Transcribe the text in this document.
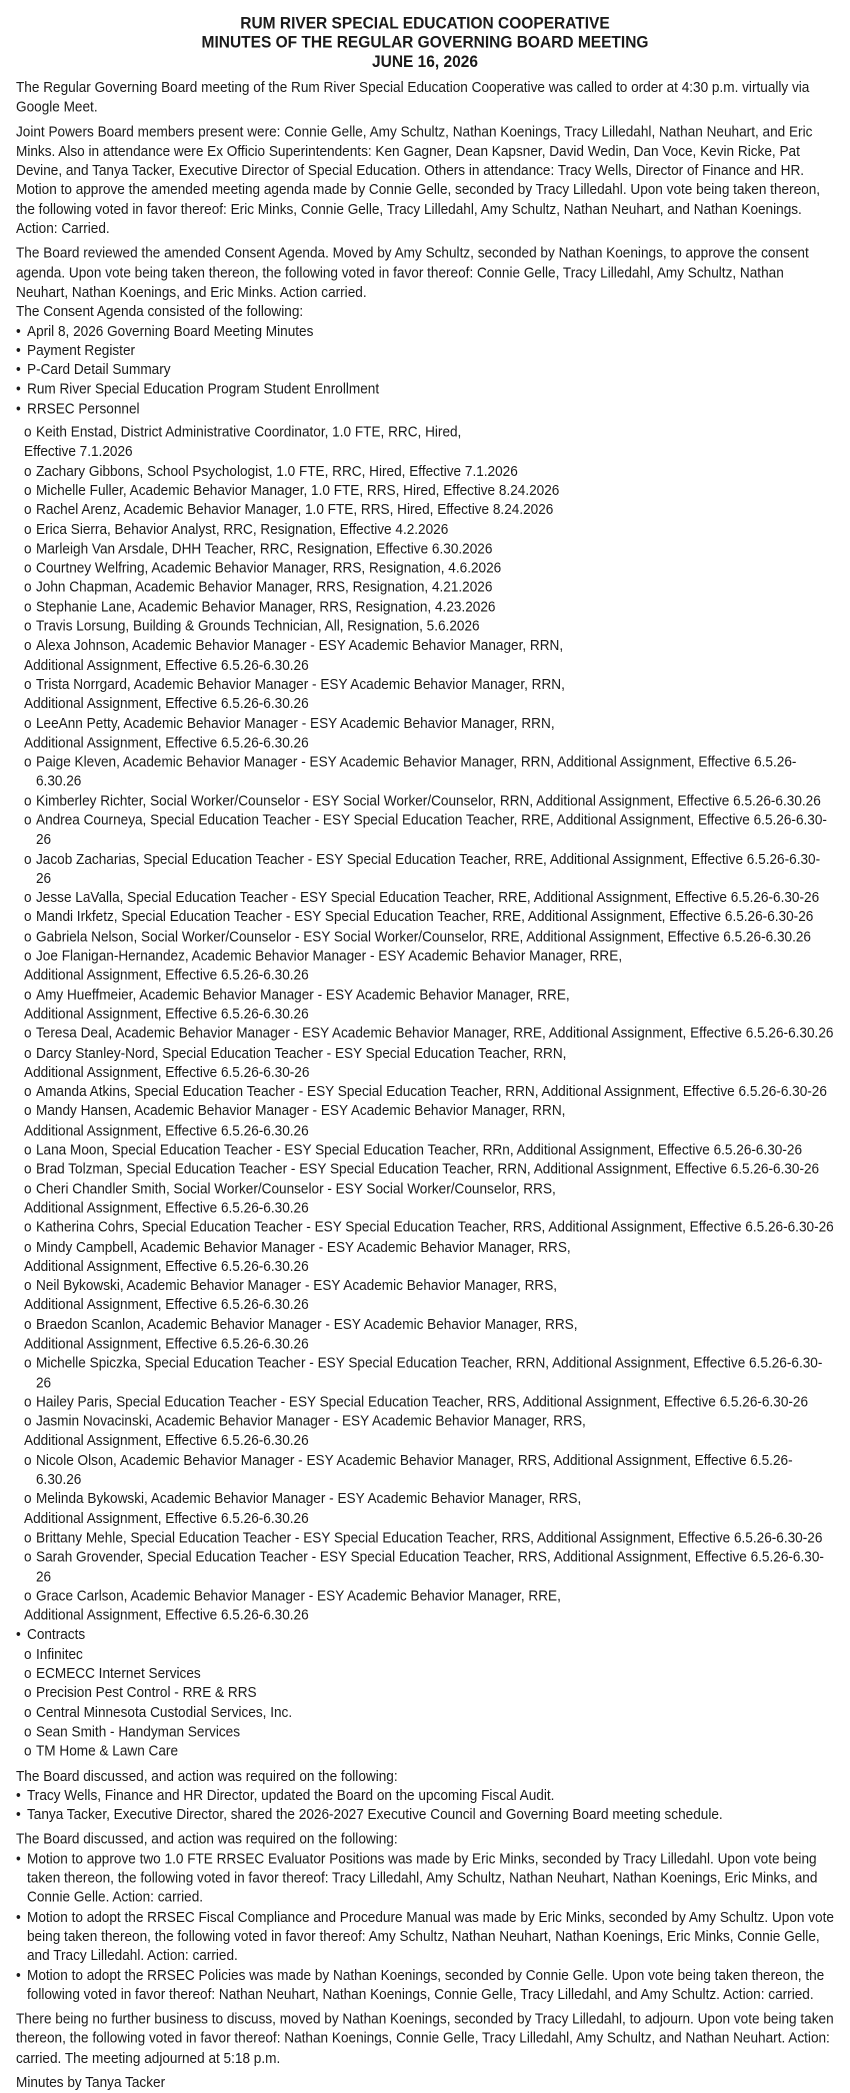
RUM RIVER SPECIAL EDUCATION COOPERATIVE

MINUTES OF THE REGULAR GOVERNING BOARD MEETING

JUNE 16, 2026

The Regular Governing Board meeting of the Rum River Special Education Cooperative was called to order at 4:30 p.m. virtually via Google Meet.

Joint Powers Board members present were: Connie Gelle, Amy Schultz, Nathan Koenings, Tracy Lilledahl, Nathan Neuhart, and Eric Minks. Also in attendance were Ex Officio Superintendents: Ken Gagner, Dean Kapsner, David Wedin, Dan Voce, Kevin Ricke, Pat Devine, and Tanya Tacker, Executive Director of Special Education. Others in attendance: Tracy Wells, Director of Finance and HR. Motion to approve the amended meeting agenda made by Connie Gelle, seconded by Tracy Lilledahl. Upon vote being taken thereon, the following voted in favor thereof: Eric Minks, Connie Gelle, Tracy Lilledahl, Amy Schultz, Nathan Neuhart, and Nathan Koenings. Action: Carried.

The Board reviewed the amended Consent Agenda. Moved by Amy Schultz, seconded by Nathan Koenings, to approve the consent agenda. Upon vote being taken thereon, the following voted in favor thereof: Connie Gelle, Tracy Lilledahl, Amy Schultz, Nathan Neuhart, Nathan Koenings, and Eric Minks. Action carried.

The Consent Agenda consisted of the following:

• April 8, 2026 Governing Board Meeting Minutes
• Payment Register
• P-Card Detail Summary
• Rum River Special Education Program Student Enrollment
• RRSEC Personnel
o Keith Enstad, District Administrative Coordinator, 1.0 FTE, RRC, Hired,
Effective 7.1.2026
o Zachary Gibbons, School Psychologist, 1.0 FTE, RRC, Hired, Effective 7.1.2026
o Michelle Fuller, Academic Behavior Manager, 1.0 FTE, RRS, Hired, Effective 8.24.2026
o Rachel Arenz, Academic Behavior Manager, 1.0 FTE, RRS, Hired, Effective 8.24.2026
o Erica Sierra, Behavior Analyst, RRC, Resignation, Effective 4.2.2026
o Marleigh Van Arsdale, DHH Teacher, RRC, Resignation, Effective 6.30.2026
o Courtney Welfring, Academic Behavior Manager, RRS, Resignation, 4.6.2026
o John Chapman, Academic Behavior Manager, RRS, Resignation, 4.21.2026
o Stephanie Lane, Academic Behavior Manager, RRS, Resignation, 4.23.2026
o Travis Lorsung, Building & Grounds Technician, All, Resignation, 5.6.2026
o Alexa Johnson, Academic Behavior Manager - ESY Academic Behavior Manager, RRN,
Additional Assignment, Effective 6.5.26-6.30.26
o Trista Norrgard, Academic Behavior Manager - ESY Academic Behavior Manager, RRN,
Additional Assignment, Effective 6.5.26-6.30.26
o LeeAnn Petty, Academic Behavior Manager - ESY Academic Behavior Manager, RRN,
Additional Assignment, Effective 6.5.26-6.30.26
o Paige Kleven, Academic Behavior Manager - ESY Academic Behavior Manager, RRN, Additional Assignment, Effective 6.5.26-6.30.26
o Kimberley Richter, Social Worker/Counselor - ESY Social Worker/Counselor, RRN, Additional Assignment, Effective 6.5.26-6.30.26
o Andrea Courneya, Special Education Teacher - ESY Special Education Teacher, RRE, Additional Assignment, Effective 6.5.26-6.30-26
o Jacob Zacharias, Special Education Teacher - ESY Special Education Teacher, RRE, Additional Assignment, Effective 6.5.26-6.30-26
o Jesse LaValla, Special Education Teacher - ESY Special Education Teacher, RRE, Additional Assignment, Effective 6.5.26-6.30-26
o Mandi Irkfetz, Special Education Teacher - ESY Special Education Teacher, RRE, Additional Assignment, Effective 6.5.26-6.30-26
o Gabriela Nelson, Social Worker/Counselor - ESY Social Worker/Counselor, RRE, Additional Assignment, Effective 6.5.26-6.30.26
o Joe Flanigan-Hernandez, Academic Behavior Manager - ESY Academic Behavior Manager, RRE,
Additional Assignment, Effective 6.5.26-6.30.26
o Amy Hueffmeier, Academic Behavior Manager - ESY Academic Behavior Manager, RRE,
Additional Assignment, Effective 6.5.26-6.30.26
o Teresa Deal, Academic Behavior Manager - ESY Academic Behavior Manager, RRE, Additional Assignment, Effective 6.5.26-6.30.26
o Darcy Stanley-Nord, Special Education Teacher - ESY Special Education Teacher, RRN,
Additional Assignment, Effective 6.5.26-6.30-26
o Amanda Atkins, Special Education Teacher - ESY Special Education Teacher, RRN, Additional Assignment, Effective 6.5.26-6.30-26
o Mandy Hansen, Academic Behavior Manager - ESY Academic Behavior Manager, RRN,
Additional Assignment, Effective 6.5.26-6.30.26
o Lana Moon, Special Education Teacher - ESY Special Education Teacher, RRn, Additional Assignment, Effective 6.5.26-6.30-26
o Brad Tolzman, Special Education Teacher - ESY Special Education Teacher, RRN, Additional Assignment, Effective 6.5.26-6.30-26
o Cheri Chandler Smith, Social Worker/Counselor - ESY Social Worker/Counselor, RRS,
Additional Assignment, Effective 6.5.26-6.30.26
o Katherina Cohrs, Special Education Teacher - ESY Special Education Teacher, RRS, Additional Assignment, Effective 6.5.26-6.30-26
o Mindy Campbell, Academic Behavior Manager - ESY Academic Behavior Manager, RRS,
Additional Assignment, Effective 6.5.26-6.30.26
o Neil Bykowski, Academic Behavior Manager - ESY Academic Behavior Manager, RRS,
Additional Assignment, Effective 6.5.26-6.30.26
o Braedon Scanlon, Academic Behavior Manager - ESY Academic Behavior Manager, RRS,
Additional Assignment, Effective 6.5.26-6.30.26
o Michelle Spiczka, Special Education Teacher - ESY Special Education Teacher, RRN, Additional Assignment, Effective 6.5.26-6.30-26
o Hailey Paris, Special Education Teacher - ESY Special Education Teacher, RRS, Additional Assignment, Effective 6.5.26-6.30-26
o Jasmin Novacinski, Academic Behavior Manager - ESY Academic Behavior Manager, RRS,
Additional Assignment, Effective 6.5.26-6.30.26
o Nicole Olson, Academic Behavior Manager - ESY Academic Behavior Manager, RRS, Additional Assignment, Effective 6.5.26-6.30.26
o Melinda Bykowski, Academic Behavior Manager - ESY Academic Behavior Manager, RRS,
Additional Assignment, Effective 6.5.26-6.30.26
o Brittany Mehle, Special Education Teacher - ESY Special Education Teacher, RRS, Additional Assignment, Effective 6.5.26-6.30-26
o Sarah Grovender, Special Education Teacher - ESY Special Education Teacher, RRS, Additional Assignment, Effective 6.5.26-6.30-26
o Grace Carlson, Academic Behavior Manager - ESY Academic Behavior Manager, RRE,
Additional Assignment, Effective 6.5.26-6.30.26
• Contracts
o Infinitec
o ECMECC Internet Services
o Precision Pest Control - RRE & RRS
o Central Minnesota Custodial Services, Inc.
o Sean Smith - Handyman Services
o TM Home & Lawn Care

The Board discussed, and action was required on the following:

• Tracy Wells, Finance and HR Director, updated the Board on the upcoming Fiscal Audit.
• Tanya Tacker, Executive Director, shared the 2026-2027 Executive Council and Governing Board meeting schedule.

The Board discussed, and action was required on the following:

• Motion to approve two 1.0 FTE RRSEC Evaluator Positions was made by Eric Minks, seconded by Tracy Lilledahl. Upon vote being taken thereon, the following voted in favor thereof: Tracy Lilledahl, Amy Schultz, Nathan Neuhart, Nathan Koenings, Eric Minks, and Connie Gelle. Action: carried.
• Motion to adopt the RRSEC Fiscal Compliance and Procedure Manual was made by Eric Minks, seconded by Amy Schultz. Upon vote being taken thereon, the following voted in favor thereof: Amy Schultz, Nathan Neuhart, Nathan Koenings, Eric Minks, Connie Gelle, and Tracy Lilledahl. Action: carried.
• Motion to adopt the RRSEC Policies was made by Nathan Koenings, seconded by Connie Gelle. Upon vote being taken thereon, the following voted in favor thereof: Nathan Neuhart, Nathan Koenings, Connie Gelle, Tracy Lilledahl, and Amy Schultz. Action: carried.

There being no further business to discuss, moved by Nathan Koenings, seconded by Tracy Lilledahl, to adjourn. Upon vote being taken thereon, the following voted in favor thereof: Nathan Koenings, Connie Gelle, Tracy Lilledahl, Amy Schultz, and Nathan Neuhart. Action: carried. The meeting adjourned at 5:18 p.m.

Minutes by Tanya Tacker
